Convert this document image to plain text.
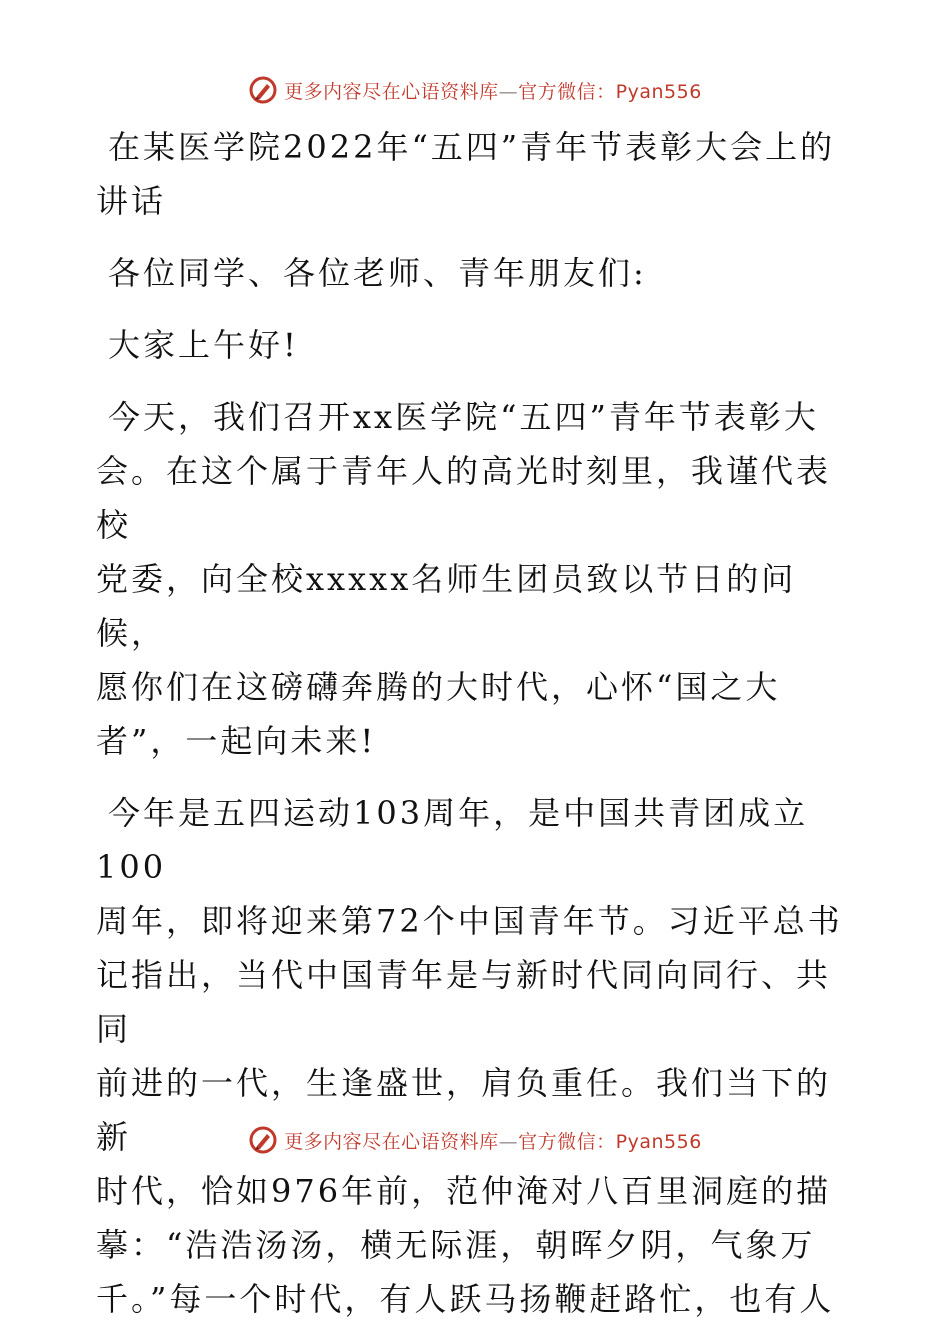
更多内容尽在心语资料库—官方微信：Pyan556

在某医学院2022年“五四”青年节表彰大会上的
讲话

各位同学、各位老师、青年朋友们:

大家上午好!

今天，我们召开xx医学院“五四”青年节表彰大
会。在这个属于青年人的高光时刻里，我谨代表校
党委，向全校xxxxx名师生团员致以节日的问候，
愿你们在这磅礴奔腾的大时代，心怀“国之大
者”，一起向未来!

今年是五四运动103周年，是中国共青团成立100
周年，即将迎来第72个中国青年节。习近平总书
记指出，当代中国青年是与新时代同向同行、共同
前进的一代，生逢盛世，肩负重任。我们当下的新
时代，恰如976年前，范仲淹对八百里洞庭的描
摹：“浩浩汤汤，横无际涯，朝晖夕阴，气象万
千。”每一个时代，有人跃马扬鞭赶路忙，也有人

更多内容尽在心语资料库—官方微信：Pyan556
